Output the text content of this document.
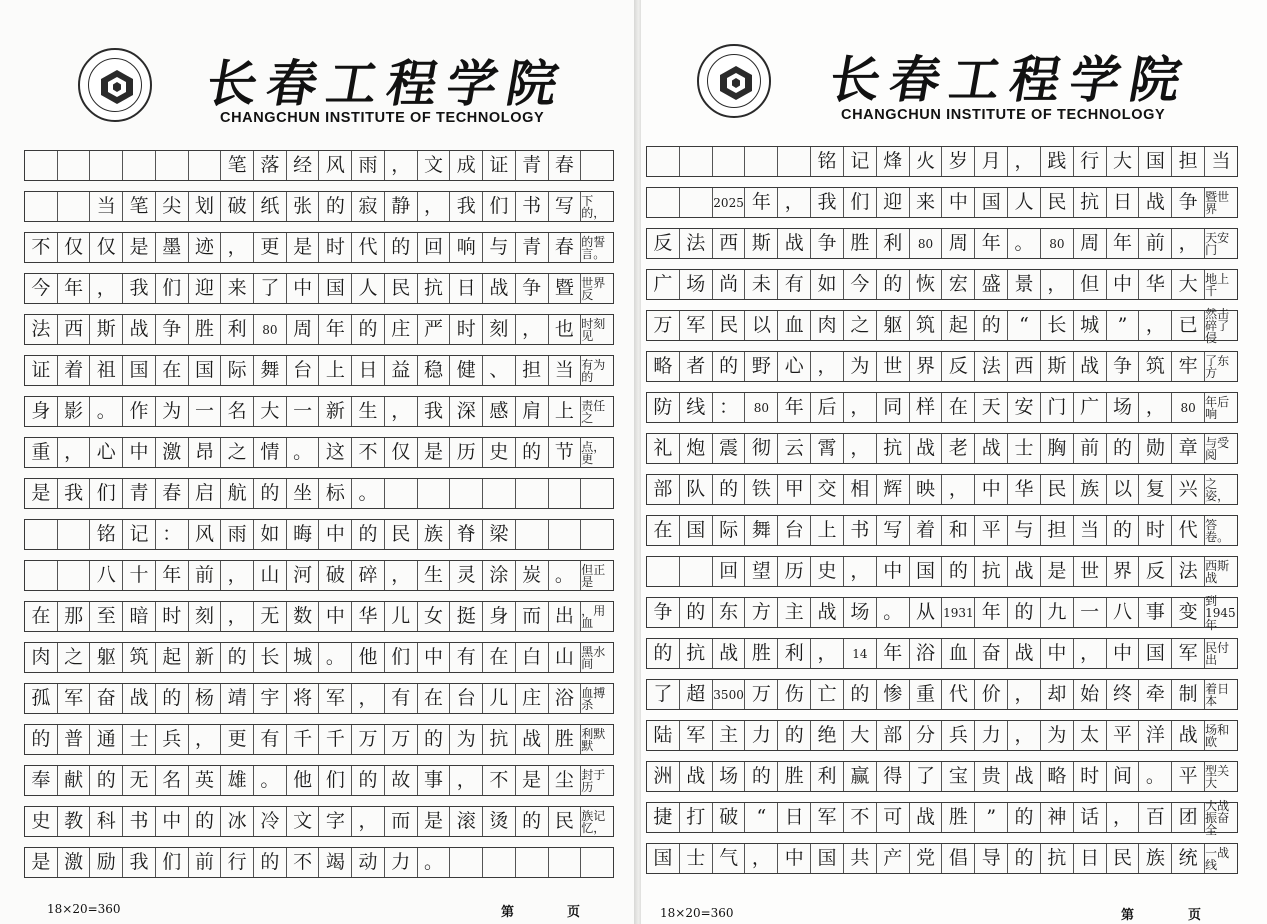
长春工程学院
CHANGCHUN INSTITUTE OF TECHNOLOGY
笔 落 经 风 雨 ， 文 成 证 青 春
当 笔 尖 划 破 纸 张 的 寂 静 ， 我 们 书 写 下的，
不 仅 仅 是 墨 迹 ， 更 是 时 代 的 回 响 与 青 春 的誓言。
今 年 ， 我 们 迎 来 了 中 国 人 民 抗 日 战 争 暨 世界反
法 西 斯 战 争 胜 利	80 周 年 的 庄 严 时 刻 ， 也 时刻见
证 着 祖 国 在 国 际 舞 台 上 日 益 稳 健 、 担 当 有为的
身 影 。 作 为 一 名 大 一 新 生 ， 我 深 感 肩 上 责任之
重 ， 心 中 激 昂 之 情 。 这 不 仅 是 历 史 的 节 点，更
是 我 们 青 春 启 航 的 坐 标 。
铭 记 ： 风 雨 如 晦 中 的 民 族 脊 梁
八 十 年 前 ， 山 河 破 碎 ， 生 灵 涂 炭 。 但正是
在 那 至 暗 时 刻 ， 无 数 中 华 儿 女 挺 身 而 出 ，用血
肉 之 躯 筑 起 新 的 长 城 。 他 们 中 有 在 白 山 黑水间
孤 军 奋 战 的 杨 靖 宇 将 军 ， 有 在 台 儿 庄 浴 血搏杀
的 普 通 士 兵 ， 更 有 千 千 万 万 的 为 抗 战 胜 利默默
奉 献 的 无 名 英 雄 。 他 们 的 故 事 ， 不 是 尘 封于历
史 教 科 书 中 的 冰 冷 文 字 ， 而 是 滚 烫 的 民 族记忆，
是 激 励 我 们 前 行 的 不 竭 动 力 。
18×20=360	第	页
长春工程学院
CHANGCHUN INSTITUTE OF TECHNOLOGY
铭 记 烽 火 岁 月 ， 践 行 大 国 担 当
2025 年 ， 我 们 迎 来 中 国 人 民 抗 日 战 争 暨世界
反 法 西 斯 战 争 胜 利	80 周 年 。	80 周 年 前 ， 天安门
广 场 尚 未 有 如 今 的 恢 宏 盛 景 ， 但 中 华 大 地上千
万 军 民 以 血 肉 之 躯 筑 起 的 “ 长 城 ” ， 已
然击碎了侵
略 者 的 野 心 ， 为 世 界 反 法 西 斯 战 争 筑 牢 了东方
防 线 ：	80 年 后 ， 同 样 在 天 安 门 广 场 ，	80 年后响
礼 炮 震 彻 云 霄 ， 抗 战 老 战 士 胸 前 的 勋 章 与受阅
部 队 的 铁 甲 交 相 辉 映 ， 中 华 民 族 以 复 兴 之姿，
在 国 际 舞 台 上 书 写 着 和 平 与 担 当 的 时 代 答卷。
回 望 历 史 ， 中 国 的 抗 战 是 世 界 反 法 西斯战
争 的 东 方 主 战 场 。 从 1931 年 的 九 一 八 事 变
到1945年
的 抗 战 胜 利 ，	14 年 浴 血 奋 战 中 ， 中 国 军 民付出
了 超 3500 万 伤 亡 的 惨 重 代 价 ， 却 始 终 牵 制 着日本
陆 军 主 力 的 绝 大 部 分 兵 力 ， 为 太 平 洋 战 场和欧
洲 战 场 的 胜 利 赢 得 了 宝 贵 战 略 时 间 。 平 型关大
捷 打 破 “ 日 军 不 可 战 胜 ” 的 神 话 ， 百 团
大战振奋全
国 士 气 ， 中 国 共 产 党 倡 导 的 抗 日 民 族 统 一战线
18×20=360	第	页
